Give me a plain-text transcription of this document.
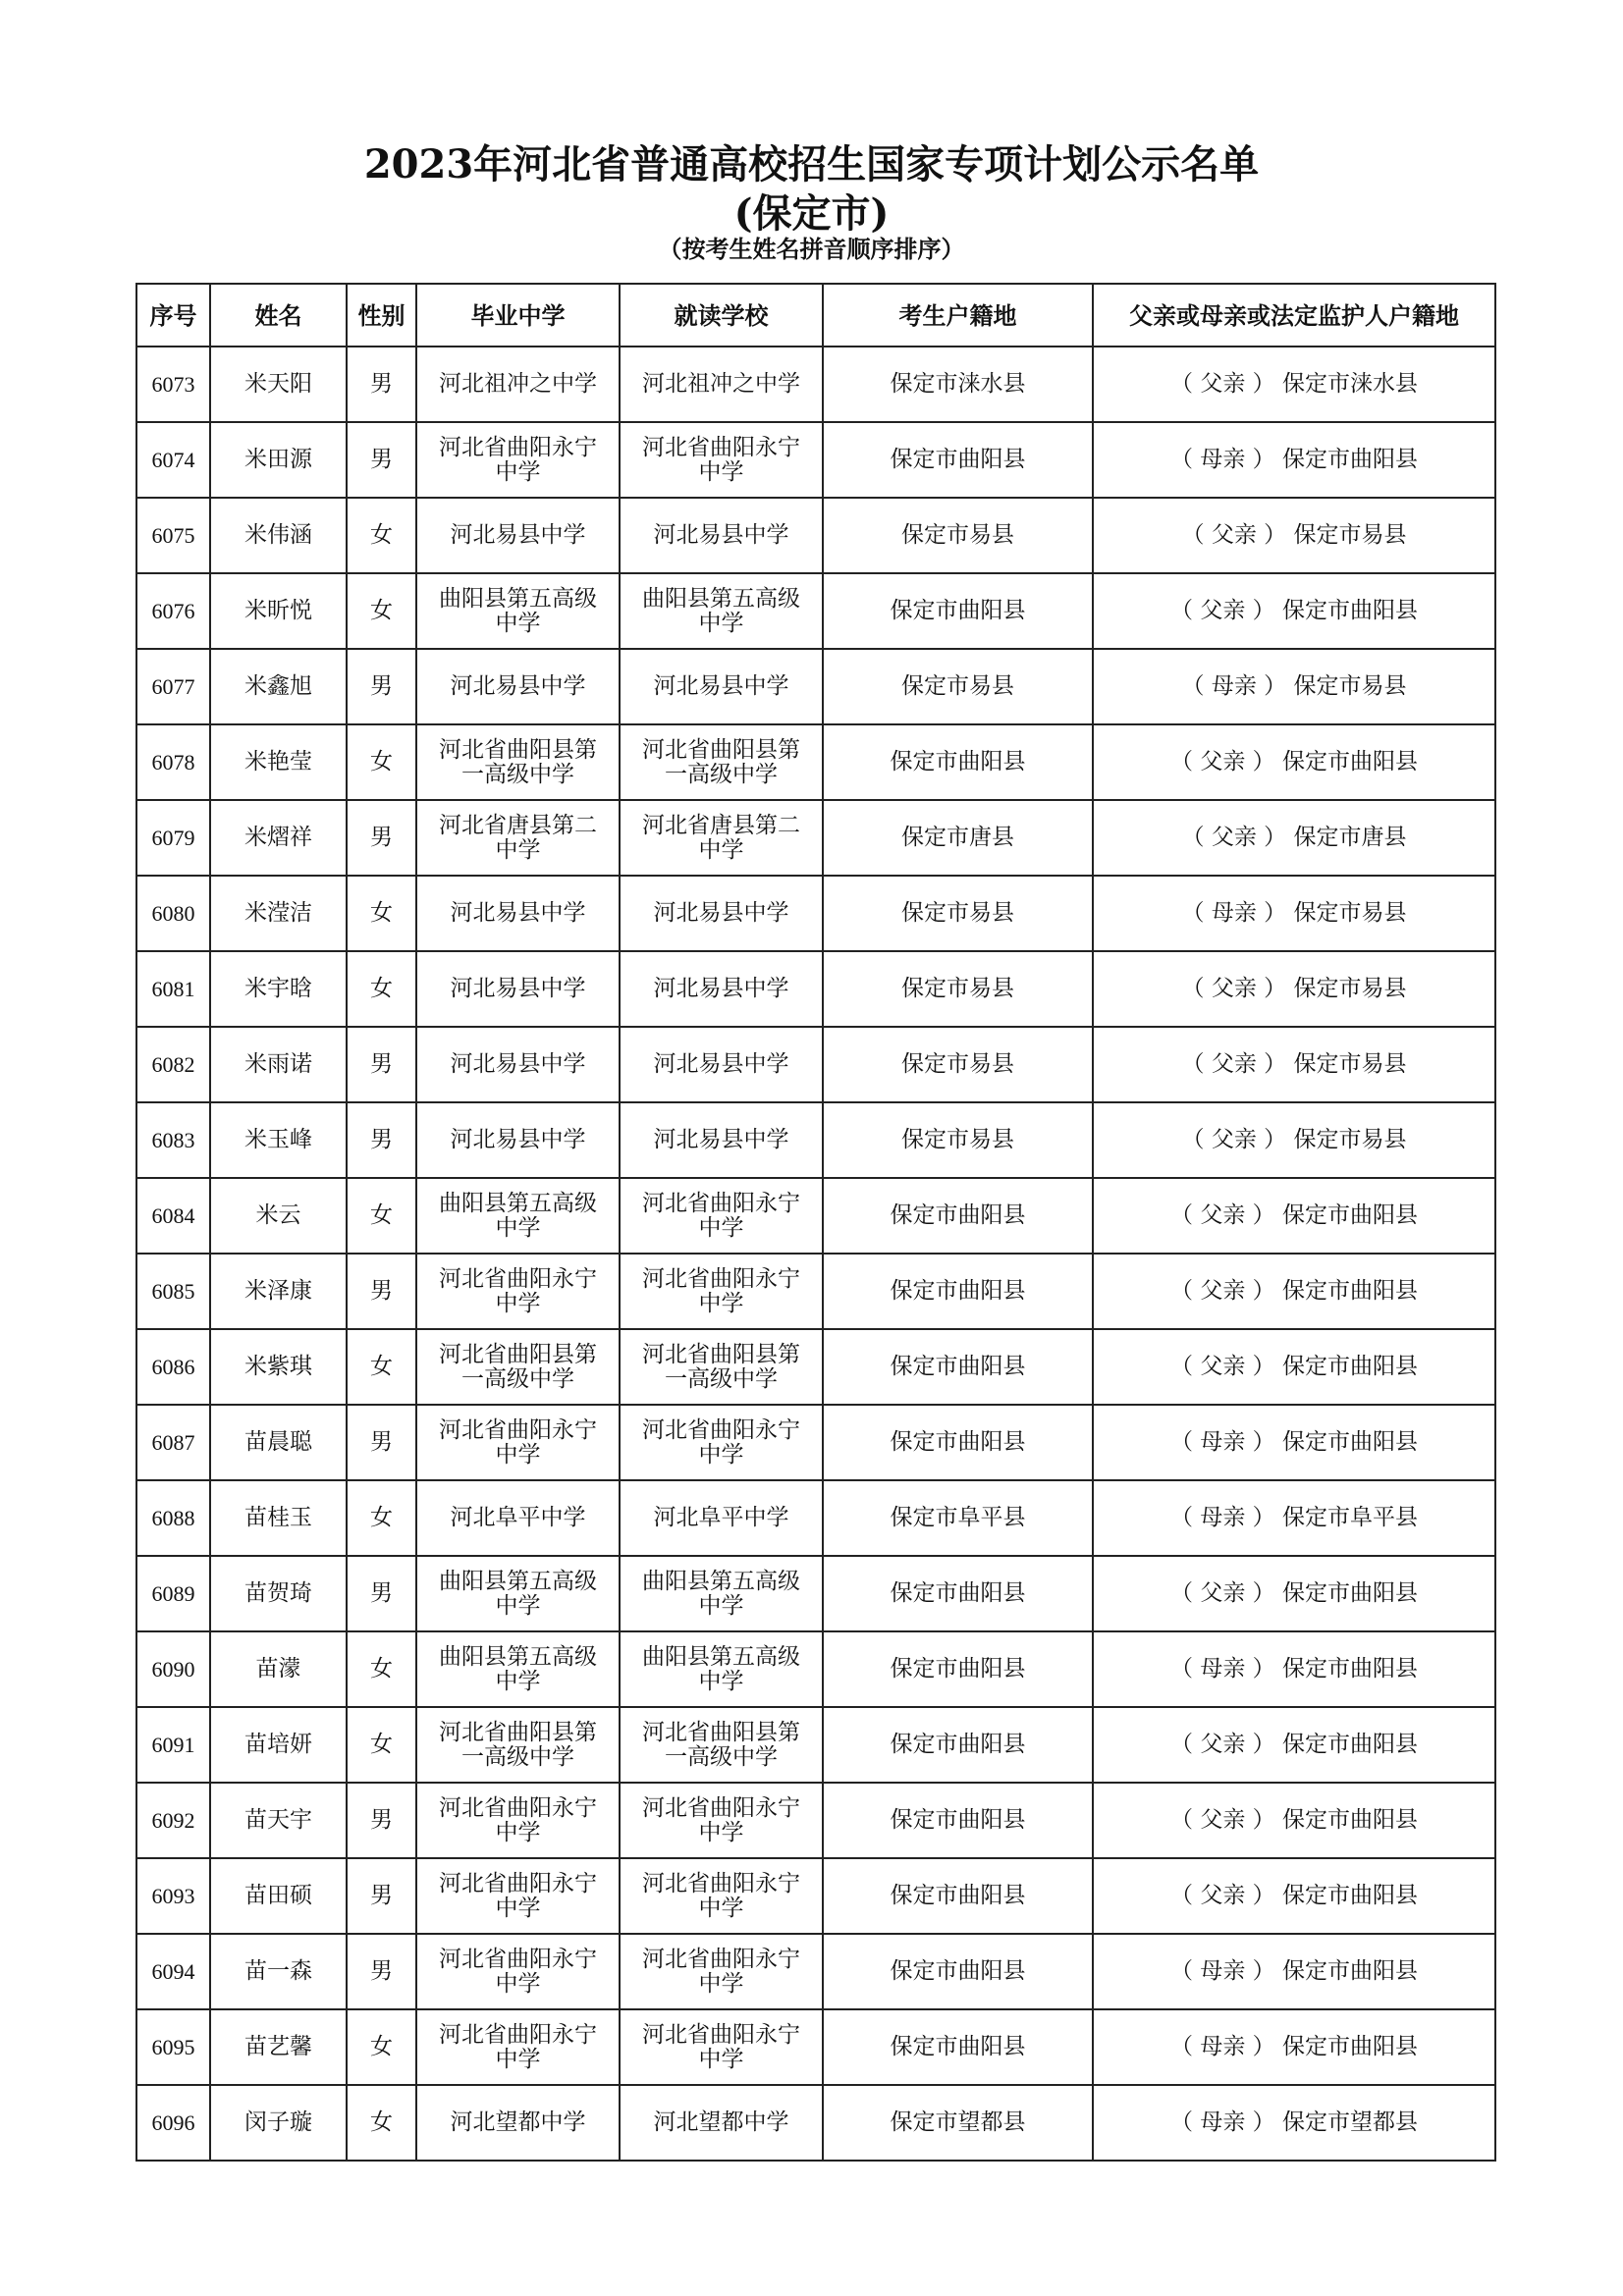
2023年河北省普通高校招生国家专项计划公示名单
(保定市)
（按考生姓名拼音顺序排序）
序号	姓名	性别	毕业中学	就读学校	考生户籍地	父亲或母亲或法定监护人户籍地
6073	米天阳	男	河北祖冲之中学	河北祖冲之中学	保定市涞水县	（ 父亲 ） 保定市涞水县
6074	米田源	男	河北省曲阳永宁中学	河北省曲阳永宁中学	保定市曲阳县	（ 母亲 ） 保定市曲阳县
6075	米伟涵	女	河北易县中学	河北易县中学	保定市易县	（ 父亲 ） 保定市易县
6076	米昕悦	女	曲阳县第五高级中学	曲阳县第五高级中学	保定市曲阳县	（ 父亲 ） 保定市曲阳县
6077	米鑫旭	男	河北易县中学	河北易县中学	保定市易县	（ 母亲 ） 保定市易县
6078	米艳莹	女	河北省曲阳县第一高级中学	河北省曲阳县第一高级中学	保定市曲阳县	（ 父亲 ） 保定市曲阳县
6079	米熠祥	男	河北省唐县第二中学	河北省唐县第二中学	保定市唐县	（ 父亲 ） 保定市唐县
6080	米滢洁	女	河北易县中学	河北易县中学	保定市易县	（ 母亲 ） 保定市易县
6081	米宇晗	女	河北易县中学	河北易县中学	保定市易县	（ 父亲 ） 保定市易县
6082	米雨诺	男	河北易县中学	河北易县中学	保定市易县	（ 父亲 ） 保定市易县
6083	米玉峰	男	河北易县中学	河北易县中学	保定市易县	（ 父亲 ） 保定市易县
6084	米云	女	曲阳县第五高级中学	河北省曲阳永宁中学	保定市曲阳县	（ 父亲 ） 保定市曲阳县
6085	米泽康	男	河北省曲阳永宁中学	河北省曲阳永宁中学	保定市曲阳县	（ 父亲 ） 保定市曲阳县
6086	米紫琪	女	河北省曲阳县第一高级中学	河北省曲阳县第一高级中学	保定市曲阳县	（ 父亲 ） 保定市曲阳县
6087	苗晨聪	男	河北省曲阳永宁中学	河北省曲阳永宁中学	保定市曲阳县	（ 母亲 ） 保定市曲阳县
6088	苗桂玉	女	河北阜平中学	河北阜平中学	保定市阜平县	（ 母亲 ） 保定市阜平县
6089	苗贺琦	男	曲阳县第五高级中学	曲阳县第五高级中学	保定市曲阳县	（ 父亲 ） 保定市曲阳县
6090	苗濛	女	曲阳县第五高级中学	曲阳县第五高级中学	保定市曲阳县	（ 母亲 ） 保定市曲阳县
6091	苗培妍	女	河北省曲阳县第一高级中学	河北省曲阳县第一高级中学	保定市曲阳县	（ 父亲 ） 保定市曲阳县
6092	苗天宇	男	河北省曲阳永宁中学	河北省曲阳永宁中学	保定市曲阳县	（ 父亲 ） 保定市曲阳县
6093	苗田硕	男	河北省曲阳永宁中学	河北省曲阳永宁中学	保定市曲阳县	（ 父亲 ） 保定市曲阳县
6094	苗一森	男	河北省曲阳永宁中学	河北省曲阳永宁中学	保定市曲阳县	（ 母亲 ） 保定市曲阳县
6095	苗艺馨	女	河北省曲阳永宁中学	河北省曲阳永宁中学	保定市曲阳县	（ 母亲 ） 保定市曲阳县
6096	闵子璇	女	河北望都中学	河北望都中学	保定市望都县	（ 母亲 ） 保定市望都县
